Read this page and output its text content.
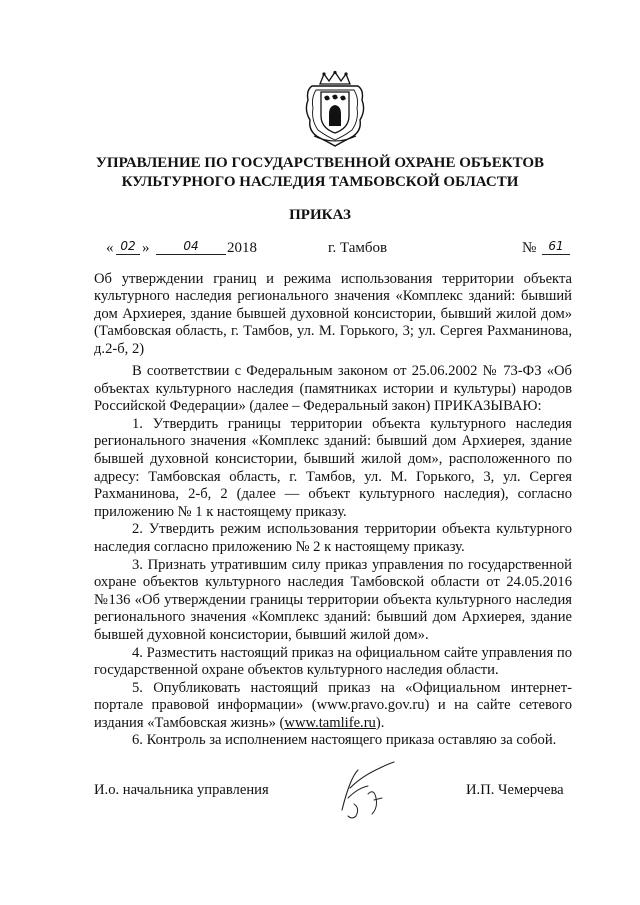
УПРАВЛЕНИЕ ПО ГОСУДАРСТВЕННОЙ ОХРАНЕ ОБЪЕКТОВ
КУЛЬТУРНОГО НАСЛЕДИЯ ТАМБОВСКОЙ ОБЛАСТИ
ПРИКАЗ
« 02 »	04	2018	г. Тамбов	№	61
Об утверждении границ и режима использования территории объекта культурного наследия регионального значения «Комплекс зданий: бывший дом Архиерея, здание бывшей духовной консистории, бывший жилой дом» (Тамбовская область, г. Тамбов, ул. М. Горького, 3; ул. Сергея Рахманинова, д.2-б, 2)

В соответствии с Федеральным законом от 25.06.2002 № 73-ФЗ «Об объектах культурного наследия (памятниках истории и культуры) народов Российской Федерации» (далее – Федеральный закон) ПРИКАЗЫВАЮ:

1. Утвердить границы территории объекта культурного наследия регионального значения «Комплекс зданий: бывший дом Архиерея, здание бывшей духовной консистории, бывший жилой дом», расположенного по адресу: Тамбовская область, г. Тамбов, ул. М. Горького, 3, ул. Сергея Рахманинова, 2-б, 2 (далее — объект культурного наследия), согласно приложению № 1 к настоящему приказу.

2. Утвердить режим использования территории объекта культурного наследия согласно приложению № 2 к настоящему приказу.

3. Признать утратившим силу приказ управления по государственной охране объектов культурного наследия Тамбовской области от 24.05.2016 №136 «Об утверждении границы территории объекта культурного наследия регионального значения «Комплекс зданий: бывший дом Архиерея, здание бывшей духовной консистории, бывший жилой дом».

4. Разместить настоящий приказ на официальном сайте управления по государственной охране объектов культурного наследия области.

5. Опубликовать настоящий приказ на «Официальном интернет-портале правовой информации» (www.pravo.gov.ru) и на сайте сетевого издания «Тамбовская жизнь» (www.tamlife.ru).

6. Контроль за исполнением настоящего приказа оставляю за собой.

И.о. начальника управления	И.П. Чемерчева
